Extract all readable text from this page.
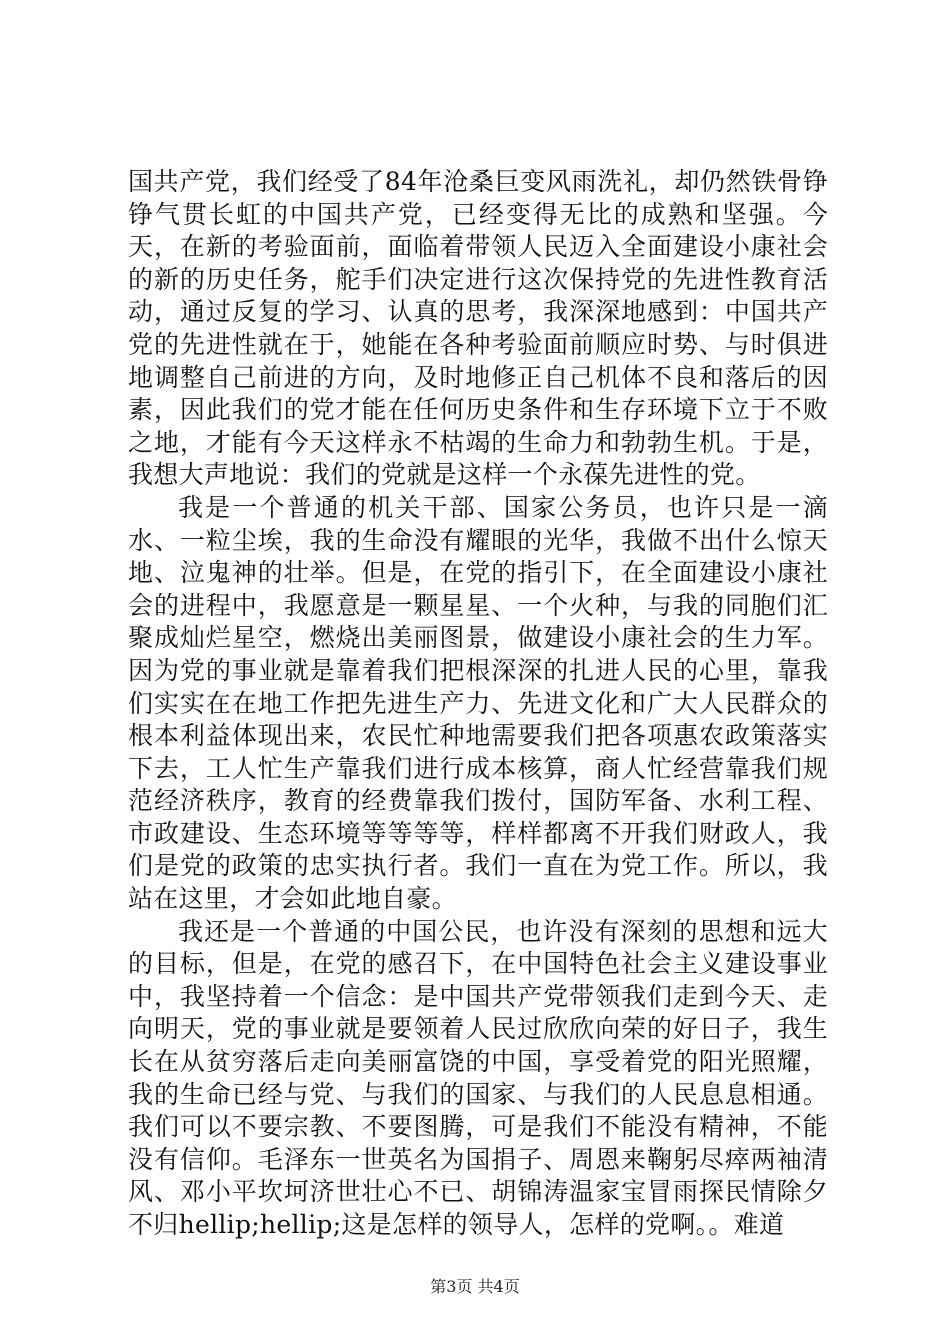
国共产党，我们经受了84年沧桑巨变风雨洗礼，却仍然铁骨铮铮气贯长虹的中国共产党，已经变得无比的成熟和坚强。今天，在新的考验面前，面临着带领人民迈入全面建设小康社会的新的历史任务，舵手们决定进行这次保持党的先进性教育活动，通过反复的学习、认真的思考，我深深地感到：中国共产党的先进性就在于，她能在各种考验面前顺应时势、与时俱进地调整自己前进的方向，及时地修正自己机体不良和落后的因素，因此我们的党才能在任何历史条件和生存环境下立于不败之地，才能有今天这样永不枯竭的生命力和勃勃生机。于是，我想大声地说：我们的党就是这样一个永葆先进性的党。

我是一个普通的机关干部、国家公务员，也许只是一滴水、一粒尘埃，我的生命没有耀眼的光华，我做不出什么惊天地、泣鬼神的壮举。但是，在党的指引下，在全面建设小康社会的进程中，我愿意是一颗星星、一个火种，与我的同胞们汇聚成灿烂星空，燃烧出美丽图景，做建设小康社会的生力军。因为党的事业就是靠着我们把根深深的扎进人民的心里，靠我们实实在在地工作把先进生产力、先进文化和广大人民群众的根本利益体现出来，农民忙种地需要我们把各项惠农政策落实下去，工人忙生产靠我们进行成本核算，商人忙经营靠我们规范经济秩序，教育的经费靠我们拨付，国防军备、水利工程、市政建设、生态环境等等等等，样样都离不开我们财政人，我们是党的政策的忠实执行者。我们一直在为党工作。所以，我站在这里，才会如此地自豪。

我还是一个普通的中国公民，也许没有深刻的思想和远大的目标，但是，在党的感召下，在中国特色社会主义建设事业中，我坚持着一个信念：是中国共产党带领我们走到今天、走向明天，党的事业就是要领着人民过欣欣向荣的好日子，我生长在从贫穷落后走向美丽富饶的中国，享受着党的阳光照耀，我的生命已经与党、与我们的国家、与我们的人民息息相通。我们可以不要宗教、不要图腾，可是我们不能没有精神，不能没有信仰。毛泽东一世英名为国捐子、周恩来鞠躬尽瘁两袖清风、邓小平坎坷济世壮心不已、胡锦涛温家宝冒雨探民情除夕不归hellip;hellip;这是怎样的领导人，怎样的党啊。。难道

第3页 共4页
